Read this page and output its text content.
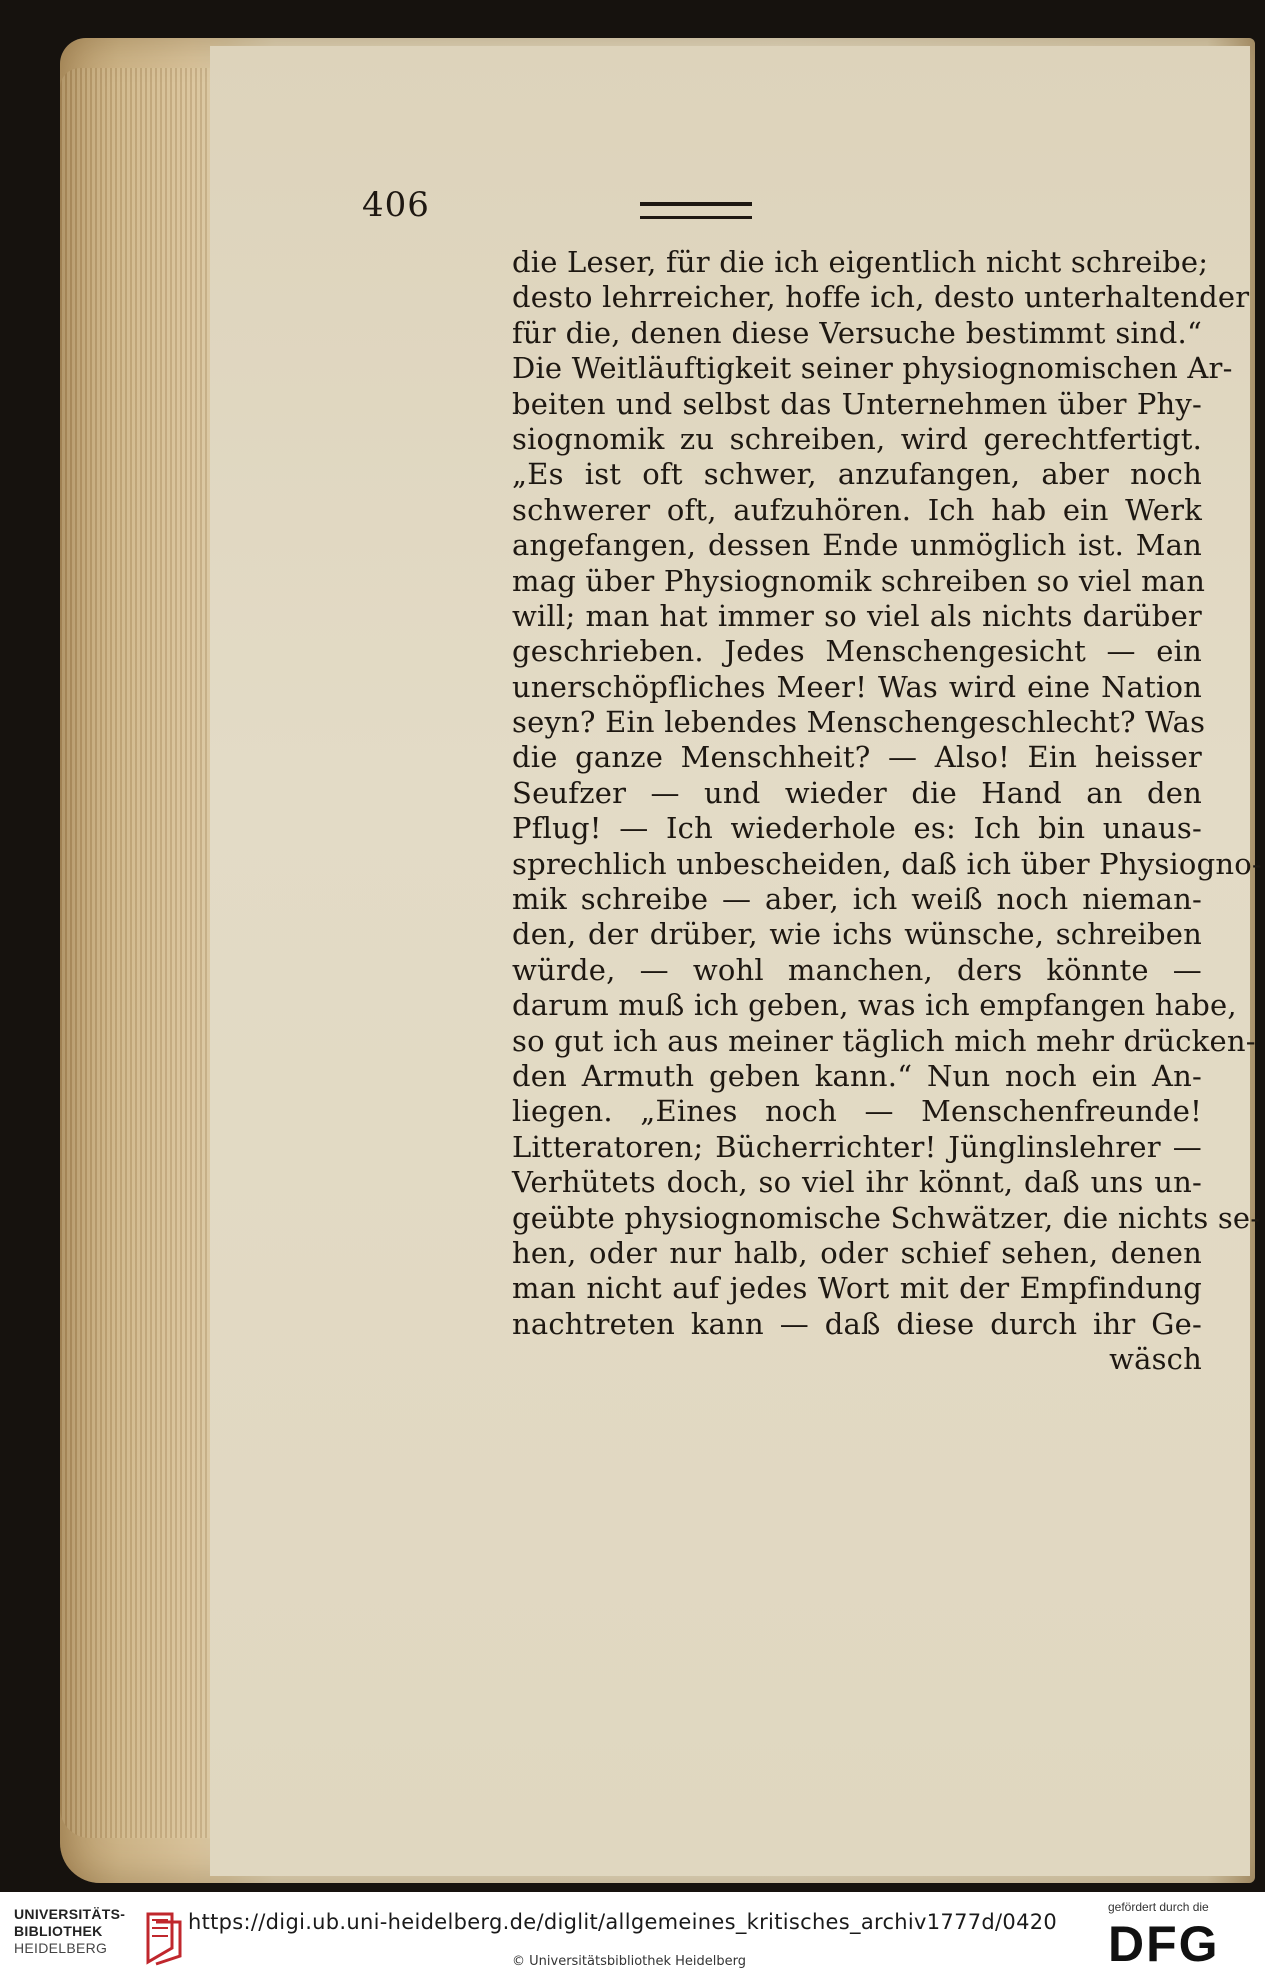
406
die Leser, für die ich eigentlich nicht schreibe;
desto lehrreicher, hoffe ich, desto unterhaltender
für die, denen diese Versuche bestimmt sind.“
Die Weitläuftigkeit seiner physiognomischen Ar-
beiten und selbst das Unternehmen über Phy-
siognomik zu schreiben, wird gerechtfertigt.
„Es ist oft schwer, anzufangen, aber noch
schwerer oft, aufzuhören. Ich hab ein Werk
angefangen, dessen Ende unmöglich ist. Man
mag über Physiognomik schreiben so viel man
will; man hat immer so viel als nichts darüber
geschrieben. Jedes Menschengesicht — ein
unerschöpfliches Meer! Was wird eine Nation
seyn? Ein lebendes Menschengeschlecht? Was
die ganze Menschheit? — Also! Ein heisser
Seufzer — und wieder die Hand an den
Pflug! — Ich wiederhole es: Ich bin unaus-
sprechlich unbescheiden, daß ich über Physiogno-
mik schreibe — aber, ich weiß noch nieman-
den, der drüber, wie ichs wünsche, schreiben
würde, — wohl manchen, ders könnte —
darum muß ich geben, was ich empfangen habe,
so gut ich aus meiner täglich mich mehr drücken-
den Armuth geben kann.“ Nun noch ein An-
liegen. „Eines noch — Menschenfreunde!
Litteratoren; Bücherrichter! Jünglinslehrer —
Verhütets doch, so viel ihr könnt, daß uns un-
geübte physiognomische Schwätzer, die nichts se-
hen, oder nur halb, oder schief sehen, denen
man nicht auf jedes Wort mit der Empfindung
nachtreten kann — daß diese durch ihr Ge-
wäsch
UNIVERSITÄTS-
BIBLIOTHEK
HEIDELBERG
https://digi.ub.uni-heidelberg.de/diglit/allgemeines_kritisches_archiv1777d/0420
© Universitätsbibliothek Heidelberg
gefördert durch die
DFG
